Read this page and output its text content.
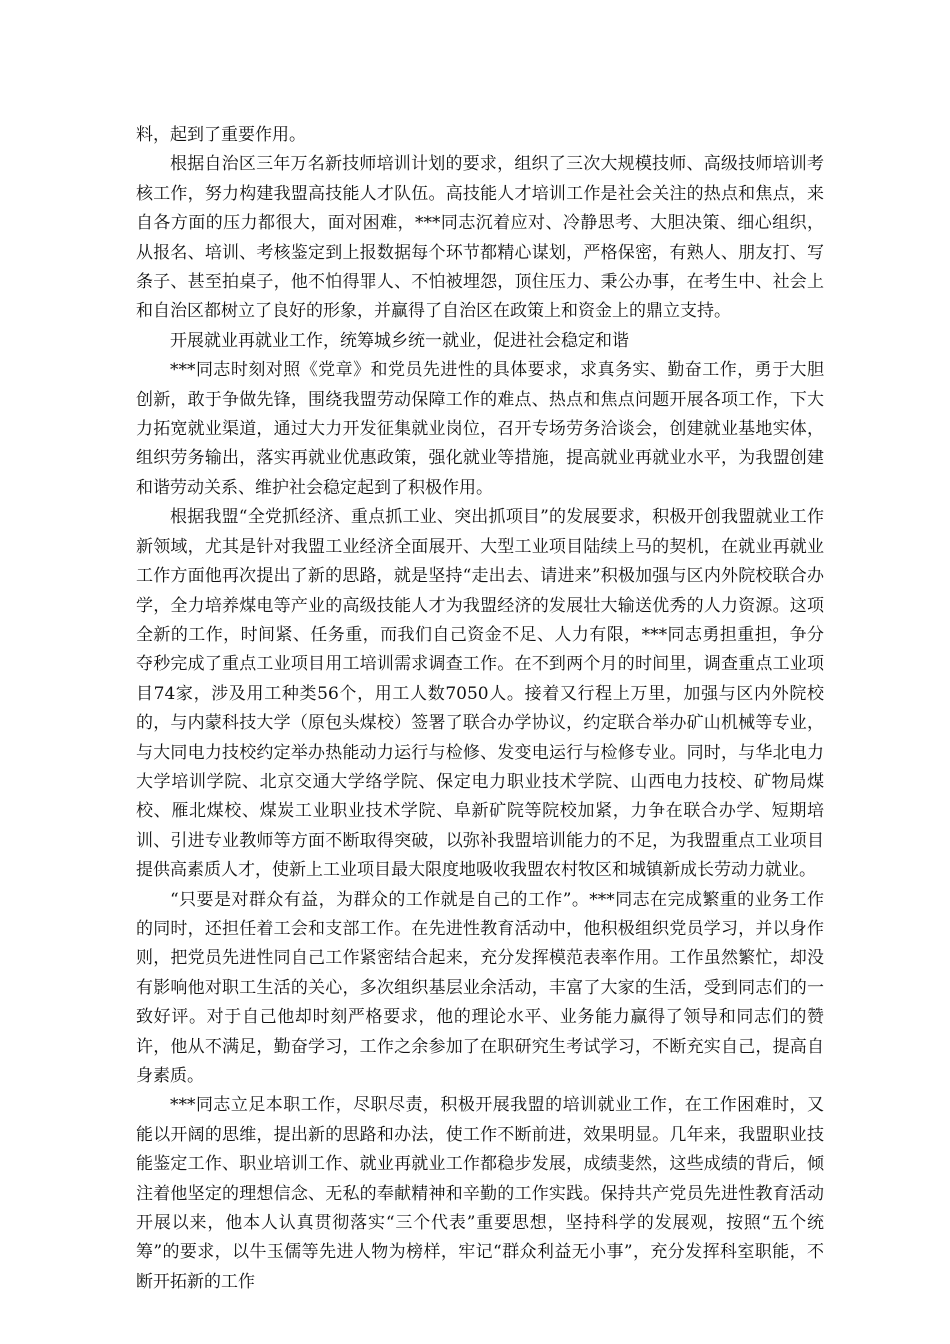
料，起到了重要作用。

根据自治区三年万名新技师培训计划的要求，组织了三次大规模技师、高级技师培训考核工作，努力构建我盟高技能人才队伍。高技能人才培训工作是社会关注的热点和焦点，来自各方面的压力都很大，面对困难，***同志沉着应对、冷静思考、大胆决策、细心组织，从报名、培训、考核鉴定到上报数据每个环节都精心谋划，严格保密，有熟人、朋友打、写条子、甚至拍桌子，他不怕得罪人、不怕被埋怨，顶住压力、秉公办事，在考生中、社会上和自治区都树立了良好的形象，并赢得了自治区在政策上和资金上的鼎立支持。

开展就业再就业工作，统筹城乡统一就业，促进社会稳定和谐

***同志时刻对照《党章》和党员先进性的具体要求，求真务实、勤奋工作，勇于大胆创新，敢于争做先锋，围绕我盟劳动保障工作的难点、热点和焦点问题开展各项工作，下大力拓宽就业渠道，通过大力开发征集就业岗位，召开专场劳务洽谈会，创建就业基地实体，组织劳务输出，落实再就业优惠政策，强化就业等措施，提高就业再就业水平，为我盟创建和谐劳动关系、维护社会稳定起到了积极作用。

根据我盟“全党抓经济、重点抓工业、突出抓项目”的发展要求，积极开创我盟就业工作新领域，尤其是针对我盟工业经济全面展开、大型工业项目陆续上马的契机，在就业再就业工作方面他再次提出了新的思路，就是坚持“走出去、请进来”积极加强与区内外院校联合办学，全力培养煤电等产业的高级技能人才为我盟经济的发展壮大输送优秀的人力资源。这项全新的工作，时间紧、任务重，而我们自己资金不足、人力有限，***同志勇担重担，争分夺秒完成了重点工业项目用工培训需求调查工作。在不到两个月的时间里，调查重点工业项目74家，涉及用工种类56个，用工人数7050人。接着又行程上万里，加强与区内外院校的，与内蒙科技大学（原包头煤校）签署了联合办学协议，约定联合举办矿山机械等专业，与大同电力技校约定举办热能动力运行与检修、发变电运行与检修专业。同时，与华北电力大学培训学院、北京交通大学络学院、保定电力职业技术学院、山西电力技校、矿物局煤校、雁北煤校、煤炭工业职业技术学院、阜新矿院等院校加紧，力争在联合办学、短期培训、引进专业教师等方面不断取得突破，以弥补我盟培训能力的不足，为我盟重点工业项目提供高素质人才，使新上工业项目最大限度地吸收我盟农村牧区和城镇新成长劳动力就业。

“只要是对群众有益，为群众的工作就是自己的工作”。***同志在完成繁重的业务工作的同时，还担任着工会和支部工作。在先进性教育活动中，他积极组织党员学习，并以身作则，把党员先进性同自己工作紧密结合起来，充分发挥模范表率作用。工作虽然繁忙，却没有影响他对职工生活的关心，多次组织基层业余活动，丰富了大家的生活，受到同志们的一致好评。对于自己他却时刻严格要求，他的理论水平、业务能力赢得了领导和同志们的赞许，他从不满足，勤奋学习，工作之余参加了在职研究生考试学习，不断充实自己，提高自身素质。

***同志立足本职工作，尽职尽责，积极开展我盟的培训就业工作，在工作困难时，又能以开阔的思维，提出新的思路和办法，使工作不断前进，效果明显。几年来，我盟职业技能鉴定工作、职业培训工作、就业再就业工作都稳步发展，成绩斐然，这些成绩的背后，倾注着他坚定的理想信念、无私的奉献精神和辛勤的工作实践。保持共产党员先进性教育活动开展以来，他本人认真贯彻落实“三个代表”重要思想，坚持科学的发展观，按照“五个统筹”的要求，以牛玉儒等先进人物为榜样，牢记“群众利益无小事”，充分发挥科室职能，不断开拓新的工作
